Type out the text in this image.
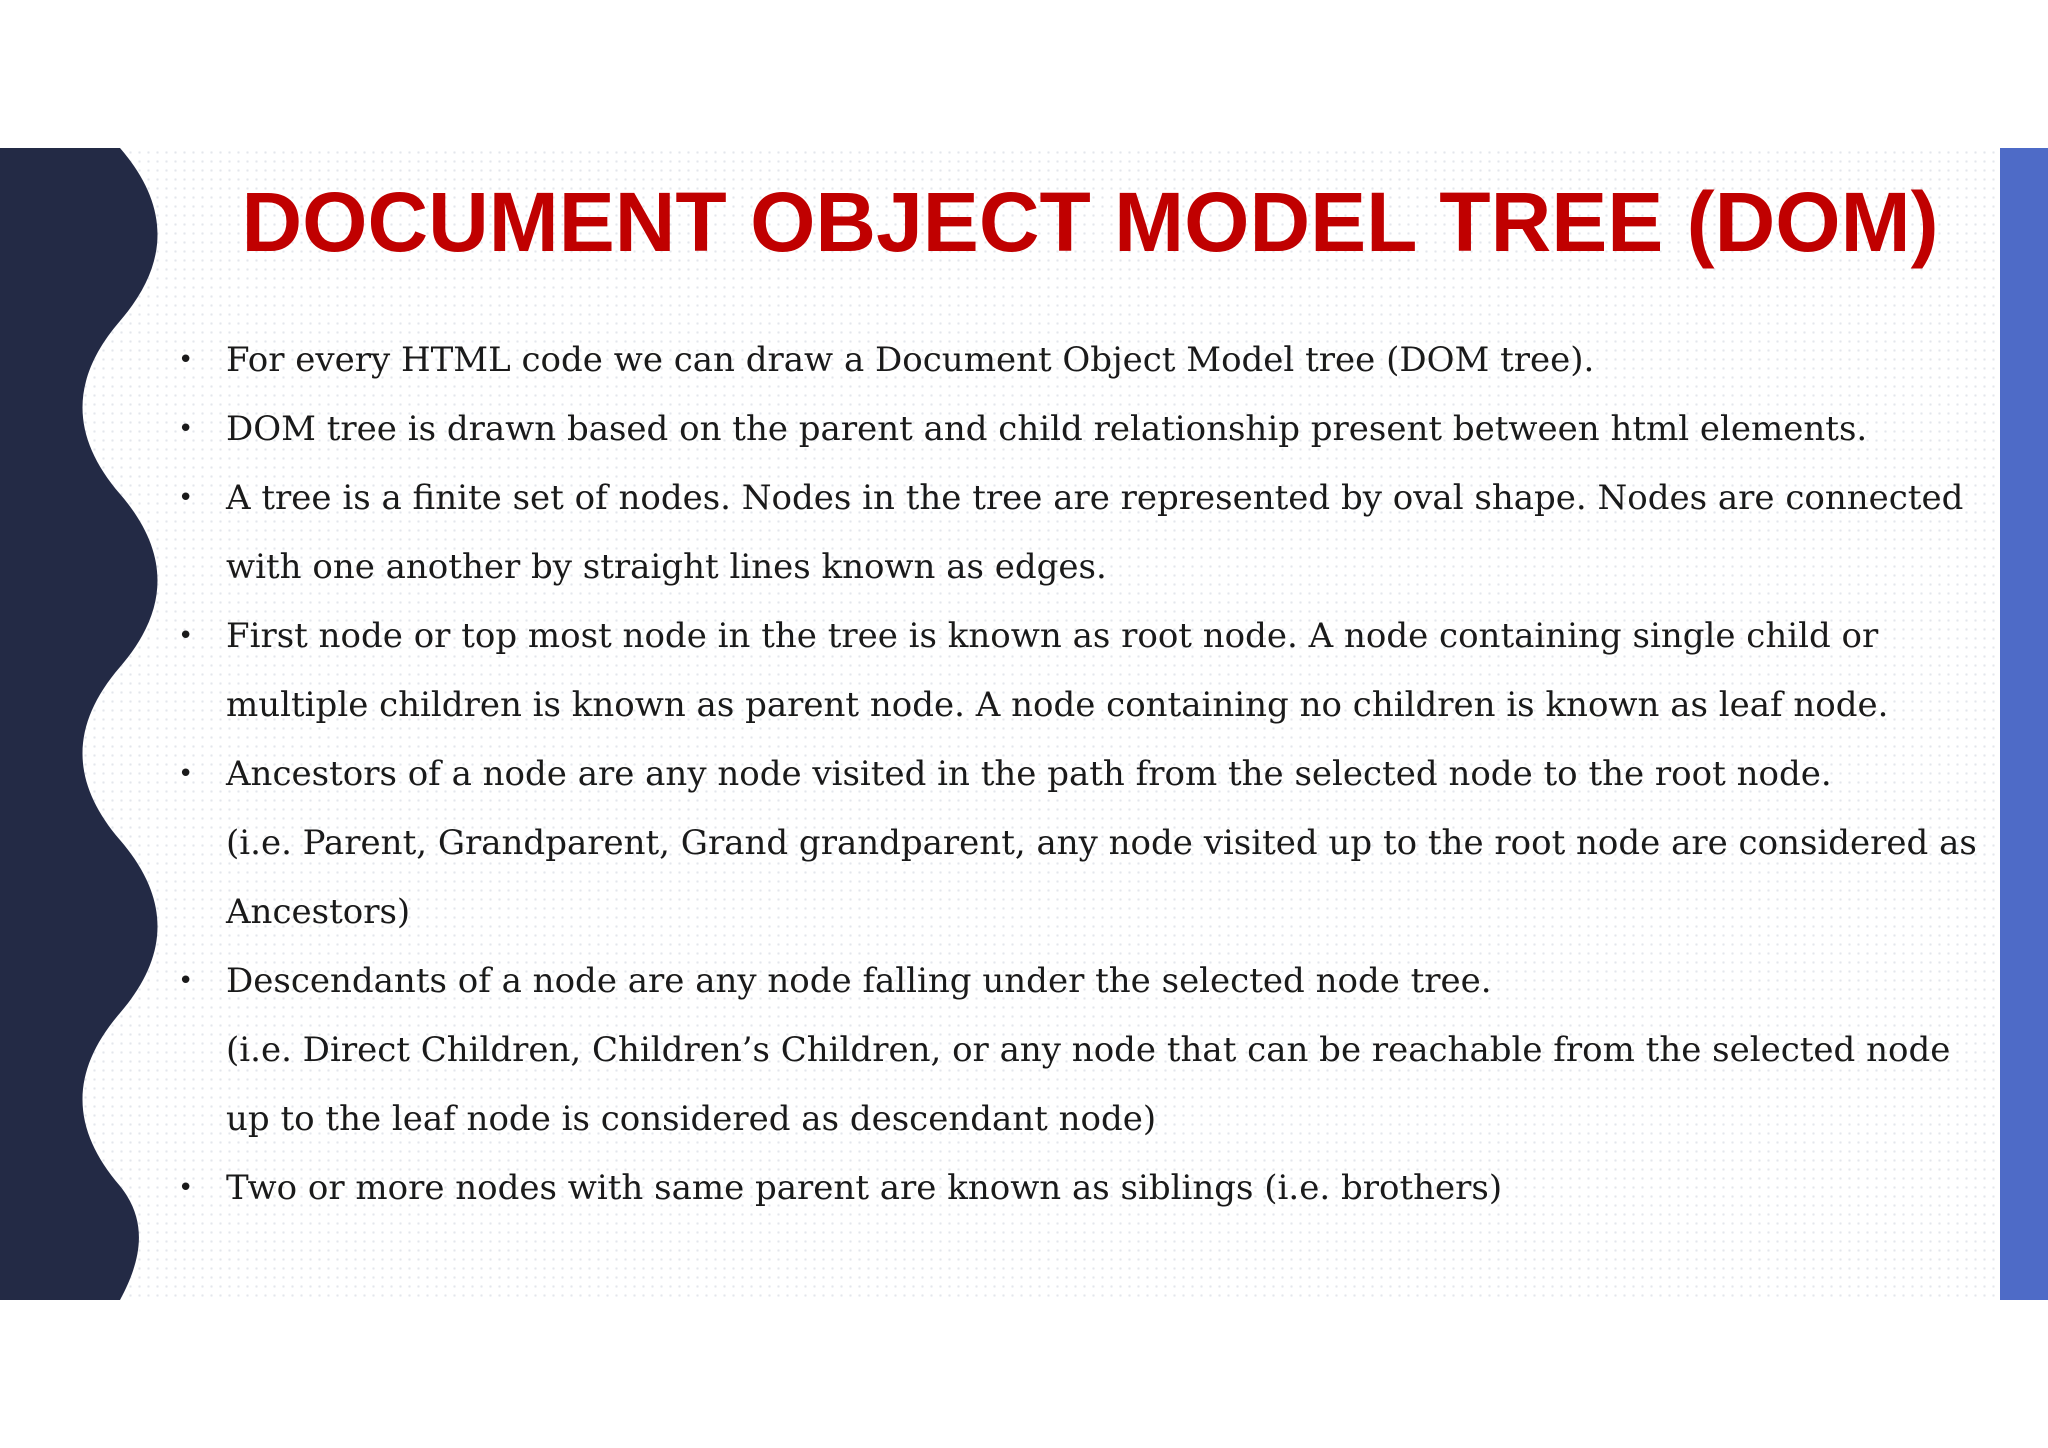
DOCUMENT OBJECT MODEL TREE (DOM)
• For every HTML code we can draw a Document Object Model tree (DOM tree).
• DOM tree is drawn based on the parent and child relationship present between html elements.
• A tree is a finite set of nodes. Nodes in the tree are represented by oval shape. Nodes are connected with one another by straight lines known as edges.
• First node or top most node in the tree is known as root node. A node containing single child or multiple children is known as parent node. A node containing no children is known as leaf node.
• Ancestors of a node are any node visited in the path from the selected node to the root node.
(i.e. Parent, Grandparent, Grand grandparent, any node visited up to the root node are considered as Ancestors)
• Descendants of a node are any node falling under the selected node tree.
(i.e. Direct Children, Children’s Children, or any node that can be reachable from the selected node up to the leaf node is considered as descendant node)
• Two or more nodes with same parent are known as siblings (i.e. brothers)
